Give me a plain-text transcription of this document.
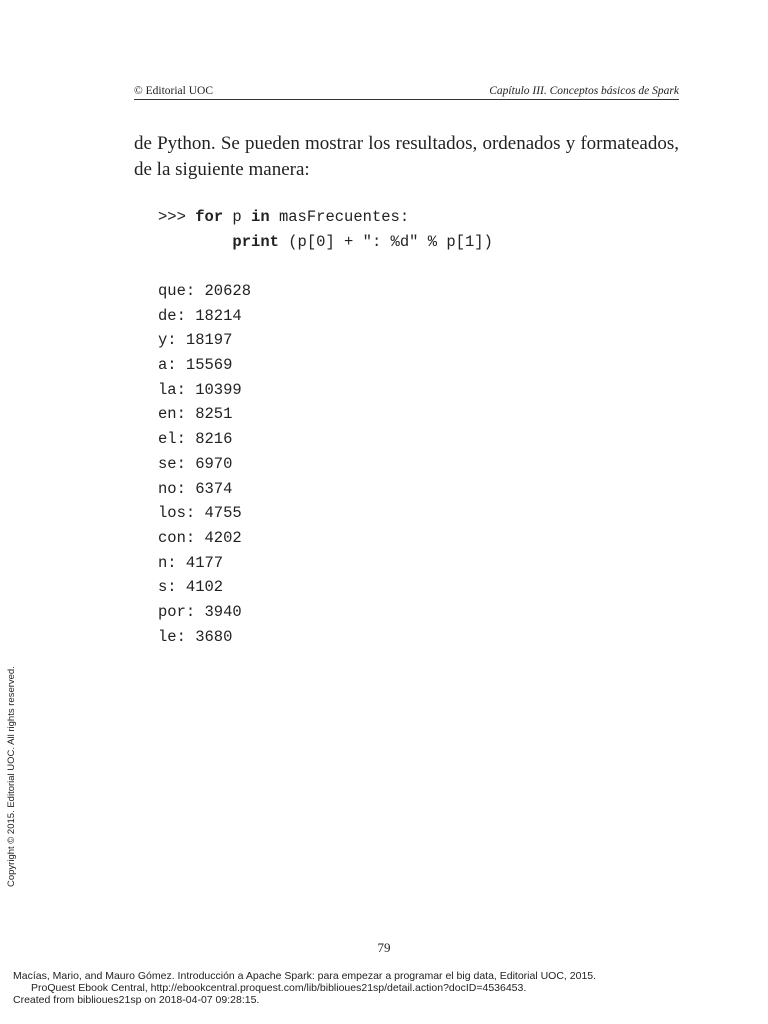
© Editorial UOC	Capítulo III. Conceptos básicos de Spark

de Python. Se pueden mostrar los resultados, ordenados y formateados, de la siguiente manera:

>>> for p in masFrecuentes:
print (p[0] + ": %d" % p[1])
que: 20628
de: 18214
y: 18197
a: 15569
la: 10399
en: 8251
el: 8216
se: 6970
no: 6374
los: 4755
con: 4202
n: 4177
s: 4102
por: 3940
le: 3680
79
Copyright © 2015. Editorial UOC. All rights reserved.
Macías, Mario, and Mauro Gómez. Introducción a Apache Spark: para empezar a programar el big data, Editorial UOC, 2015.
ProQuest Ebook Central, http://ebookcentral.proquest.com/lib/biblioues21sp/detail.action?docID=4536453.
Created from biblioues21sp on 2018-04-07 09:28:15.
